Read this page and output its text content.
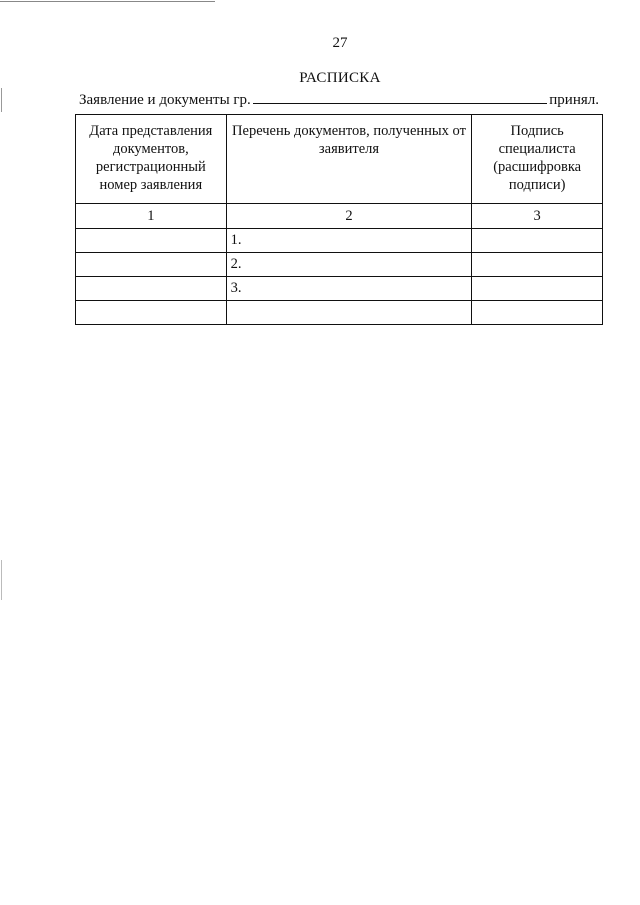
27
РАСПИСКА
Заявление и документы гр.	принял.
Дата представления документов, регистрационный номер заявления	Перечень документов, полученных от заявителя	Подпись специалиста (расшифровка подписи)
1	2	3
	1.	
	2.	
	3.	
